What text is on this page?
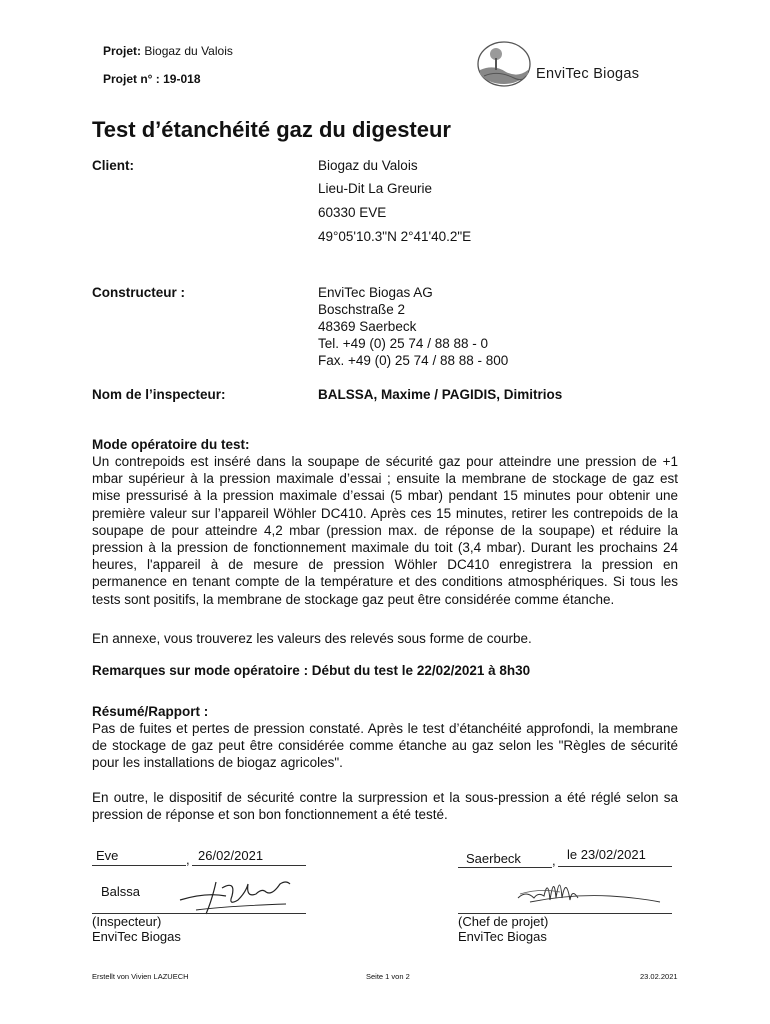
Projet: Biogaz du Valois
Projet n° : 19-018	EnviTec Biogas
Test d’étanchéité gaz du digesteur
Client:	Biogaz du Valois
Lieu-Dit La Greurie
60330 EVE
49°05'10.3"N 2°41'40.2"E
Constructeur :	EnviTec Biogas AG
Boschstraße 2
48369 Saerbeck
Tel. +49 (0) 25 74 / 88 88 - 0
Fax. +49 (0) 25 74 / 88 88 - 800
Nom de l’inspecteur:	BALSSA, Maxime / PAGIDIS, Dimitrios
Mode opératoire du test:
Un contrepoids est inséré dans la soupape de sécurité gaz pour atteindre une pression de +1 mbar supérieur à la pression maximale d’essai ; ensuite la membrane de stockage de gaz est mise pressurisé à la pression maximale d’essai (5 mbar) pendant 15 minutes pour obtenir une première valeur sur l’appareil Wöhler DC410. Après ces 15 minutes, retirer les contrepoids de la soupape de pour atteindre 4,2 mbar (pression max. de réponse de la soupape) et réduire la pression à la pression de fonctionnement maximale du toit (3,4 mbar). Durant les prochains 24 heures, l'appareil à de mesure de pression Wöhler DC410 enregistrera la pression en permanence en tenant compte de la température et des conditions atmosphériques. Si tous les tests sont positifs, la membrane de stockage gaz peut être considérée comme étanche.
En annexe, vous trouverez les valeurs des relevés sous forme de courbe.
Remarques sur mode opératoire : Début du test le 22/02/2021 à 8h30
Résumé/Rapport :
Pas de fuites et pertes de pression constaté. Après le test d’étanchéité approfondi, la membrane de stockage de gaz peut être considérée comme étanche au gaz selon les "Règles de sécurité pour les installations de biogaz agricoles".
En outre, le dispositif de sécurité contre la surpression et la sous-pression a été réglé selon sa pression de réponse et son bon fonctionnement a été testé.
Eve	, 26/02/2021
Balssa
(Inspecteur)
EnviTec Biogas
Saerbeck , le 23/02/2021
(Chef de projet)
EnviTec Biogas
Erstellt von Vivien LAZUECH	Seite 1 von 2	23.02.2021
